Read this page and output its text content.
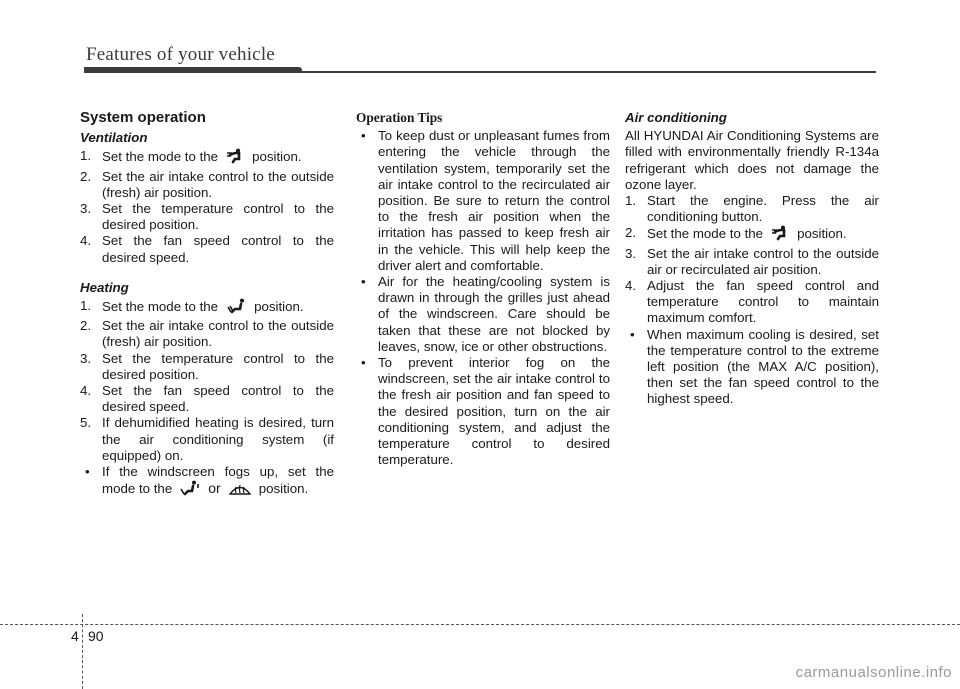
Features of your vehicle
System operation
Ventilation

1. Set the mode to the	position.

2. Set the air intake control to the outside (fresh) air position.

3. Set the temperature control to the desired position.

4. Set the fan speed control to the desired speed.

Heating

1. Set the mode to the	position.

2. Set the air intake control to the outside (fresh) air position.

3. Set the temperature control to the desired position.

4. Set the fan speed control to the desired speed.

5. If dehumidified heating is desired, turn the air conditioning system (if equipped) on.

• If the windscreen fogs up, set the mode to the	or	position.

Operation Tips

• To keep dust or unpleasant fumes from entering the vehicle through the ventilation system, temporarily set the air intake control to the recirculated air position. Be sure to return the control to the fresh air position when the irritation has passed to keep fresh air in the vehicle. This will help keep the driver alert and comfortable.

• Air for the heating/cooling system is drawn in through the grilles just ahead of the windscreen. Care should be taken that these are not blocked by leaves, snow, ice or other obstructions.

• To prevent interior fog on the windscreen, set the air intake control to the fresh air position and fan speed to the desired position, turn on the air conditioning system, and adjust the temperature control to desired temperature.

Air conditioning

All HYUNDAI Air Conditioning Systems are filled with environmentally friendly R-134a refrigerant which does not damage the ozone layer.

1. Start the engine. Press the air conditioning button.

2. Set the mode to the	position.

3. Set the air intake control to the outside air or recirculated air position.

4. Adjust the fan speed control and temperature control to maintain maximum comfort.

• When maximum cooling is desired, set the temperature control to the extreme left position (the MAX A/C position), then set the fan speed control to the highest speed.

4 90
carmanualsonline.info
